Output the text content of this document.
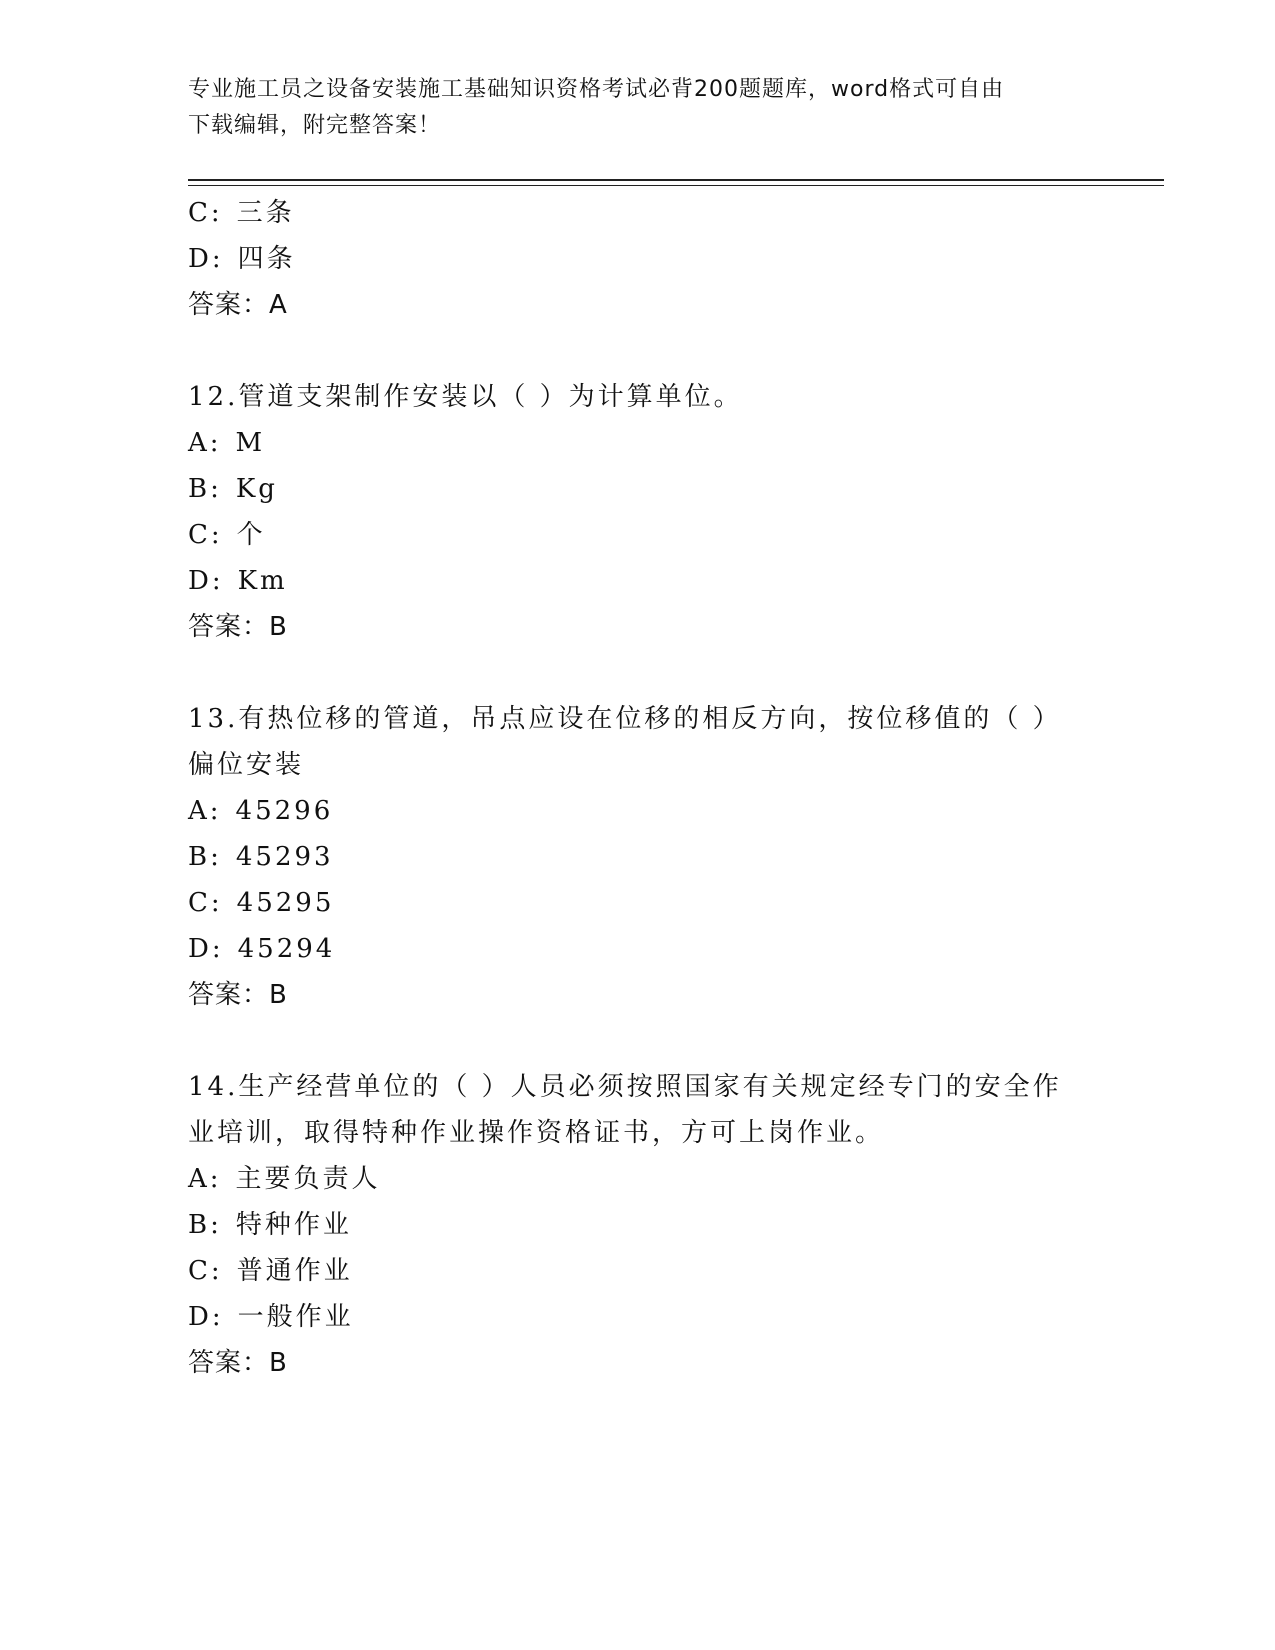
专业施工员之设备安装施工基础知识资格考试必背200题题库，word格式可自由
下载编辑，附完整答案！
C: 三条
D: 四条
答案：A
12.管道支架制作安装以（ ）为计算单位。
A: M
B: Kg
C: 个
D: Km
答案：B
13.有热位移的管道，吊点应设在位移的相反方向，按位移值的（ ）偏位安装
A: 45296
B: 45293
C: 45295
D: 45294
答案：B
14.生产经营单位的（ ）人员必须按照国家有关规定经专门的安全作业培训，取得特种作业操作资格证书，方可上岗作业。
A: 主要负责人
B: 特种作业
C: 普通作业
D: 一般作业
答案：B
